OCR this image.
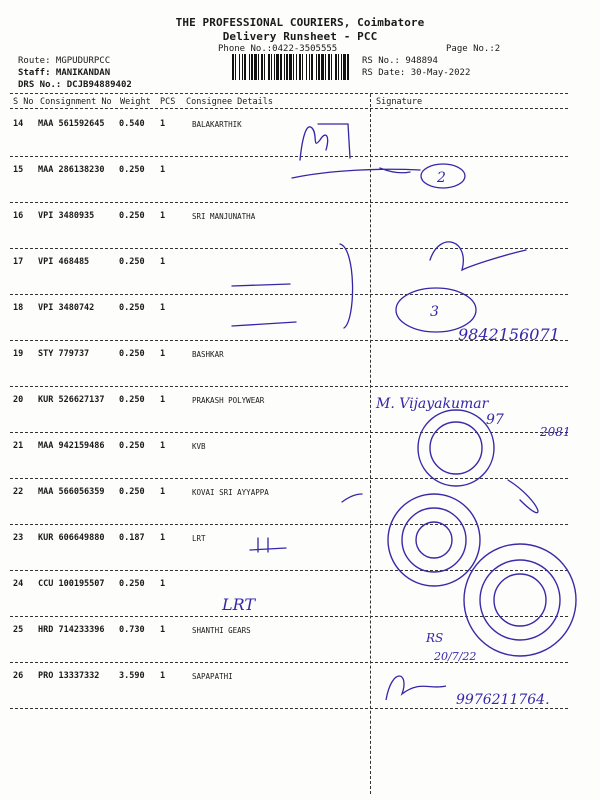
THE PROFESSIONAL COURIERS, Coimbatore
Delivery Runsheet - PCC
Phone No.:0422-3505555	Page No.:2
Route: MGPUDURPCC
Staff: MANIKANDAN
DRS No.: DCJB94889402
RS No.: 948894
RS Date: 30-May-2022
S No Consignment No Weight PCS Consignee Details	Signature
14 MAA 561592645 0.540 1	BALAKARTHIK
15 MAA 286138230 0.250 1
16 VPI 3480935	0.250 1	SRI MANJUNATHA
17 VPI 468485	0.250 1
18 VPI 3480742	0.250 1
19 STY 779737	0.250 1	BASHKAR
20 KUR 526627137 0.250 1	PRAKASH POLYWEAR
21 MAA 942159486 0.250 1	KVB
22 MAA 566056359 0.250 1	KOVAI SRI AYYAPPA
23 KUR 606649880 0.187 1	LRT
24 CCU 100195507 0.250 1
25 HRD 714233396 0.730 1	SHANTHI GEARS
26 PRO 13337332 3.590 1	SAPAPATHI
2
3
9842156071
M. Vijayakumar
97
2081
LRT
RS
20/7/22
9976211764.
